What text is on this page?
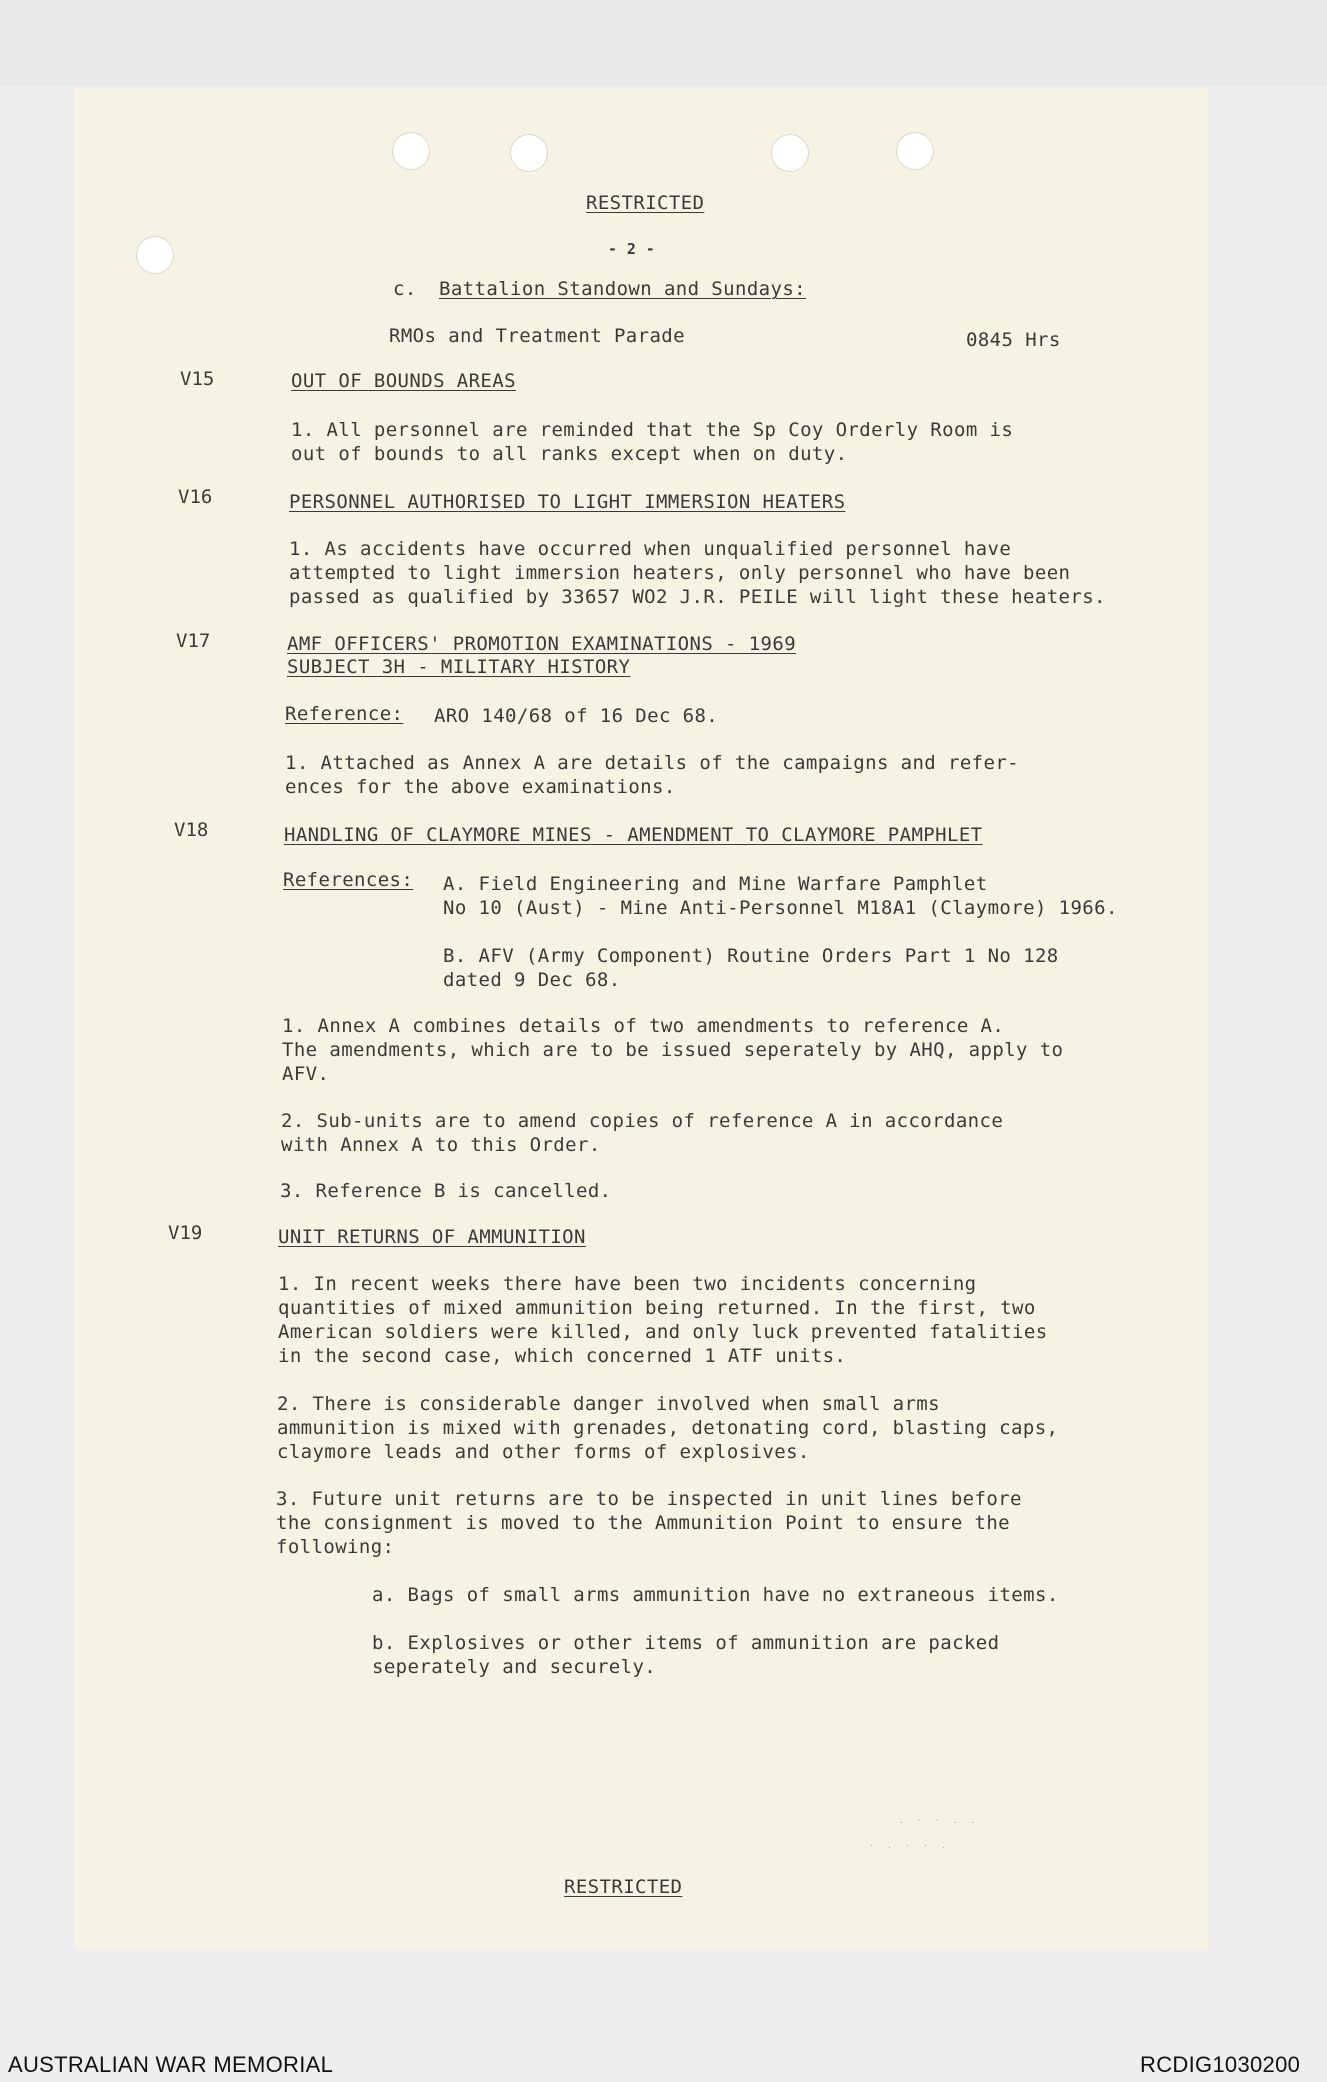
RESTRICTED
- 2 -
c. Battalion Standown and Sundays:
RMOs and Treatment Parade	0845 Hrs
V15	OUT OF BOUNDS AREAS
1. All personnel are reminded that the Sp Coy Orderly Room is
out of bounds to all ranks except when on duty.
V16	PERSONNEL AUTHORISED TO LIGHT IMMERSION HEATERS
1. As accidents have occurred when unqualified personnel have
attempted to light immersion heaters, only personnel who have been
passed as qualified by 33657 WO2 J.R. PEILE will light these heaters.
V17	AMF OFFICERS' PROMOTION EXAMINATIONS - 1969
SUBJECT 3H - MILITARY HISTORY
Reference: ARO 140/68 of 16 Dec 68.
1. Attached as Annex A are details of the campaigns and refer-
ences for the above examinations.
V18	HANDLING OF CLAYMORE MINES - AMENDMENT TO CLAYMORE PAMPHLET
References: A. Field Engineering and Mine Warfare Pamphlet
No 10 (Aust) - Mine Anti-Personnel M18A1 (Claymore) 1966.
B. AFV (Army Component) Routine Orders Part 1 No 128
dated 9 Dec 68.
1. Annex A combines details of two amendments to reference A.
The amendments, which are to be issued seperately by AHQ, apply to
AFV.
2. Sub-units are to amend copies of reference A in accordance
with Annex A to this Order.
3. Reference B is cancelled.
V19	UNIT RETURNS OF AMMUNITION
1. In recent weeks there have been two incidents concerning
quantities of mixed ammunition being returned. In the first, two
American soldiers were killed, and only luck prevented fatalities
in the second case, which concerned 1 ATF units.
2. There is considerable danger involved when small arms
ammunition is mixed with grenades, detonating cord, blasting caps,
claymore leads and other forms of explosives.
3. Future unit returns are to be inspected in unit lines before
the consignment is moved to the Ammunition Point to ensure the
following:
a. Bags of small arms ammunition have no extraneous items.
b. Explosives or other items of ammunition are packed
seperately and securely.
. · · . .
· . · · .
RESTRICTED
AUSTRALIAN WAR MEMORIAL	RCDIG1030200
